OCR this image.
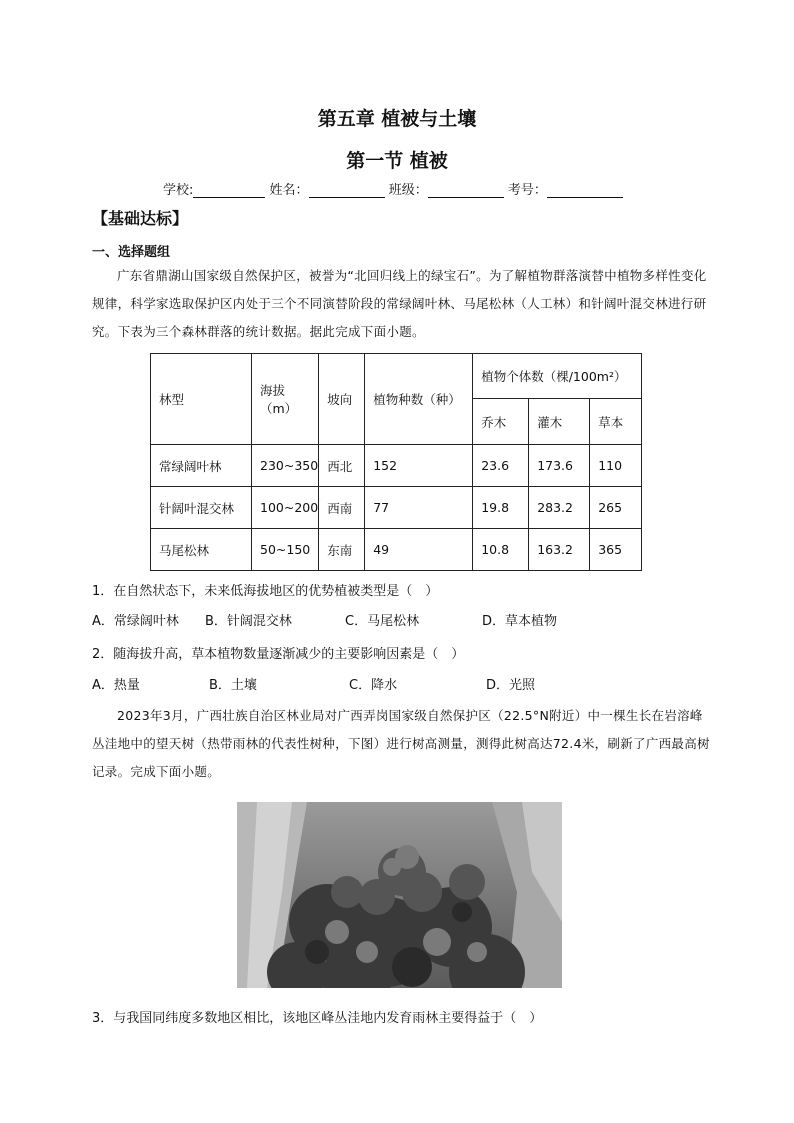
第五章 植被与土壤
第一节 植被
学校:	姓名：	班级：	考号：
【基础达标】
一、选择题组

广东省鼎湖山国家级自然保护区，被誉为“北回归线上的绿宝石”。为了解植物群落演替中植物多样性变化规律，科学家选取保护区内处于三个不同演替阶段的常绿阔叶林、马尾松林（人工林）和针阔叶混交林进行研究。下表为三个森林群落的统计数据。据此完成下面小题。

林型	海拔
（m）	坡向	植物种数（种）	植物个体数（棵/100m²）		
				乔木	灌木	草本
常绿阔叶林	230~350	西北	152	23.6	173.6	110
针阔叶混交林	100~200	西南	77	19.8	283.2	265
马尾松林	50~150	东南	49	10.8	163.2	365
1．在自然状态下，未来低海拔地区的优势植被类型是（　）
A．常绿阔叶林 B．针阔混交林	C．马尾松林	D．草本植物
2．随海拔升高，草本植物数量逐渐减少的主要影响因素是（　）
A．热量	B．土壤	C．降水	D．光照

2023年3月，广西壮族自治区林业局对广西弄岗国家级自然保护区（22.5°N附近）中一棵生长在岩溶峰丛洼地中的望天树（热带雨林的代表性树种，下图）进行树高测量，测得此树高达72.4米，刷新了广西最高树记录。完成下面小题。

3．与我国同纬度多数地区相比，该地区峰丛洼地内发育雨林主要得益于（　）
